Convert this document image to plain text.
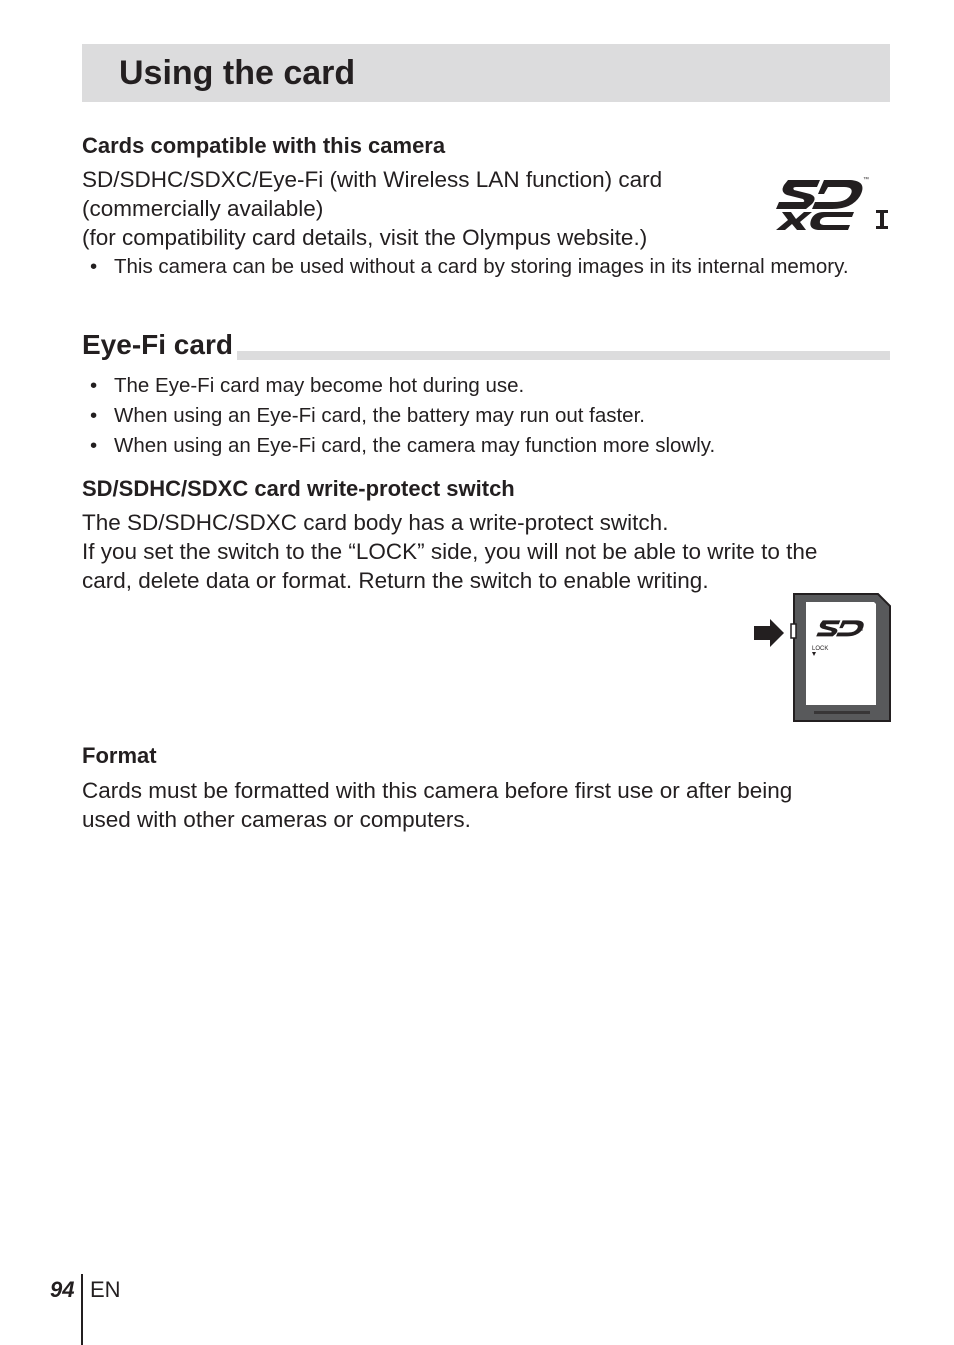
Using the card
Cards compatible with this camera

SD/SDHC/SDXC/Eye-Fi (with Wireless LAN function) card

(commercially available)

(for compatibility card details, visit the Olympus website.)

™
• This camera can be used without a card by storing images in its internal memory.
Eye-Fi card
• The Eye-Fi card may become hot during use.
• When using an Eye-Fi card, the battery may run out faster.
• When using an Eye-Fi card, the camera may function more slowly.
SD/SDHC/SDXC card write-protect switch

The SD/SDHC/SDXC card body has a write-protect switch.

If you set the switch to the “LOCK” side, you will not be able to write to the

card, delete data or format. Return the switch to enable writing.

™
LOCK
Format

Cards must be formatted with this camera before first use or after being

used with other cameras or computers.

94 EN
